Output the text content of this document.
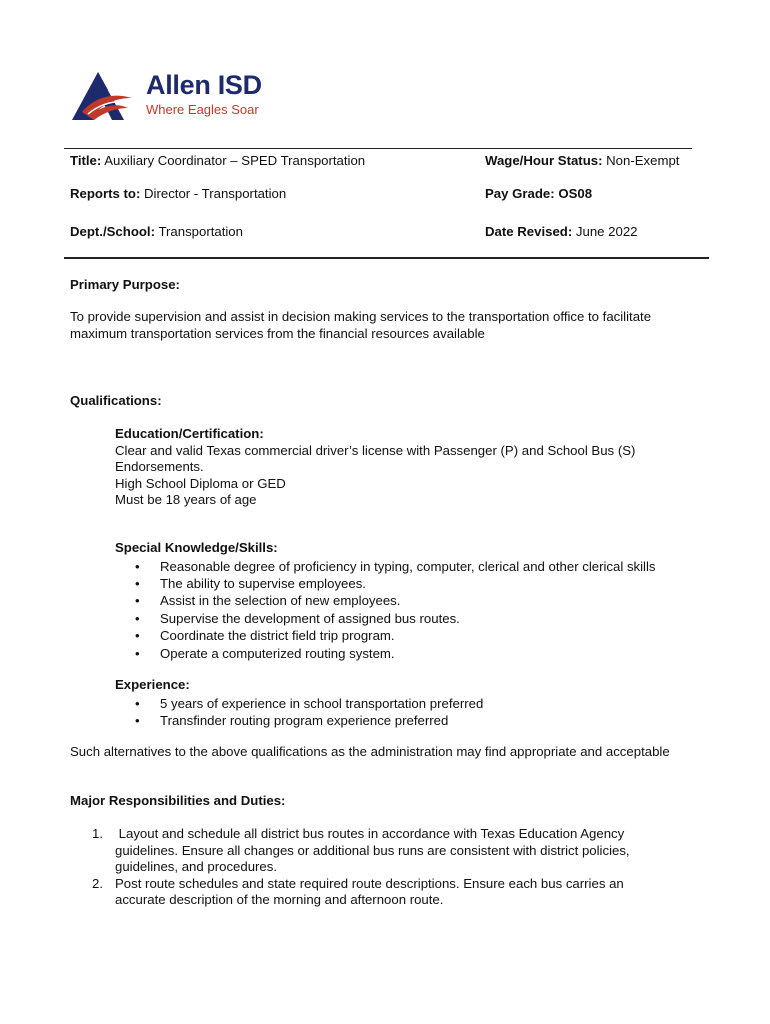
Allen ISD
Where Eagles Soar
Title: Auxiliary Coordinator – SPED Transportation	Wage/Hour Status: Non-Exempt
Reports to: Director - Transportation	Pay Grade: OS08
Dept./School: Transportation	Date Revised: June 2022
Primary Purpose:
To provide supervision and assist in decision making services to the transportation office to facilitate
maximum transportation services from the financial resources available
Qualifications:
Education/Certification:
Clear and valid Texas commercial driver’s license with Passenger (P) and School Bus (S)
Endorsements.
High School Diploma or GED
Must be 18 years of age
Special Knowledge/Skills:
• Reasonable degree of proficiency in typing, computer, clerical and other clerical skills
• The ability to supervise employees.
• Assist in the selection of new employees.
• Supervise the development of assigned bus routes.
• Coordinate the district field trip program.
• Operate a computerized routing system.
Experience:
• 5 years of experience in school transportation preferred
• Transfinder routing program experience preferred
Such alternatives to the above qualifications as the administration may find appropriate and acceptable
Major Responsibilities and Duties:
1. Layout and schedule all district bus routes in accordance with Texas Education Agency
guidelines. Ensure all changes or additional bus runs are consistent with district policies,
guidelines, and procedures.
2. Post route schedules and state required route descriptions. Ensure each bus carries an
accurate description of the morning and afternoon route.
